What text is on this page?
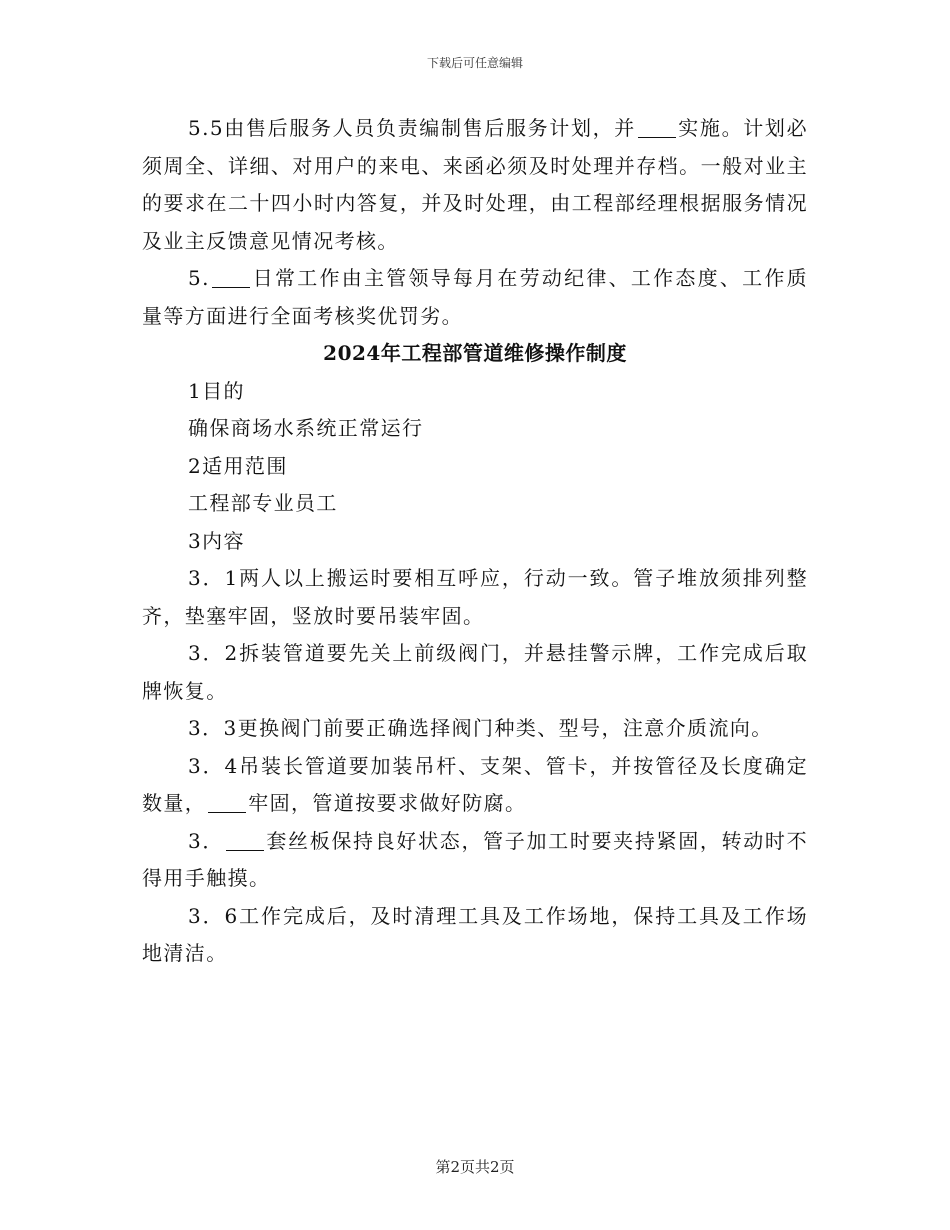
下载后可任意编辑

5.5由售后服务人员负责编制售后服务计划，并 实施。计划必须周全、详细、对用户的来电、来函必须及时处理并存档。一般对业主的要求在二十四小时内答复，并及时处理，由工程部经理根据服务情况及业主反馈意见情况考核。

5. 日常工作由主管领导每月在劳动纪律、工作态度、工作质量等方面进行全面考核奖优罚劣。

2024年工程部管道维修操作制度

1目的

确保商场水系统正常运行

2适用范围

工程部专业员工

3内容

3．1两人以上搬运时要相互呼应，行动一致。管子堆放须排列整齐，垫塞牢固，竖放时要吊装牢固。

3．2拆装管道要先关上前级阀门，并悬挂警示牌，工作完成后取牌恢复。

3．3更换阀门前要正确选择阀门种类、型号，注意介质流向。

3．4吊装长管道要加装吊杆、支架、管卡，并按管径及长度确定数量， 牢固，管道按要求做好防腐。

3． 套丝板保持良好状态，管子加工时要夹持紧固，转动时不得用手触摸。

3．6工作完成后，及时清理工具及工作场地，保持工具及工作场地清洁。

第2页共2页
